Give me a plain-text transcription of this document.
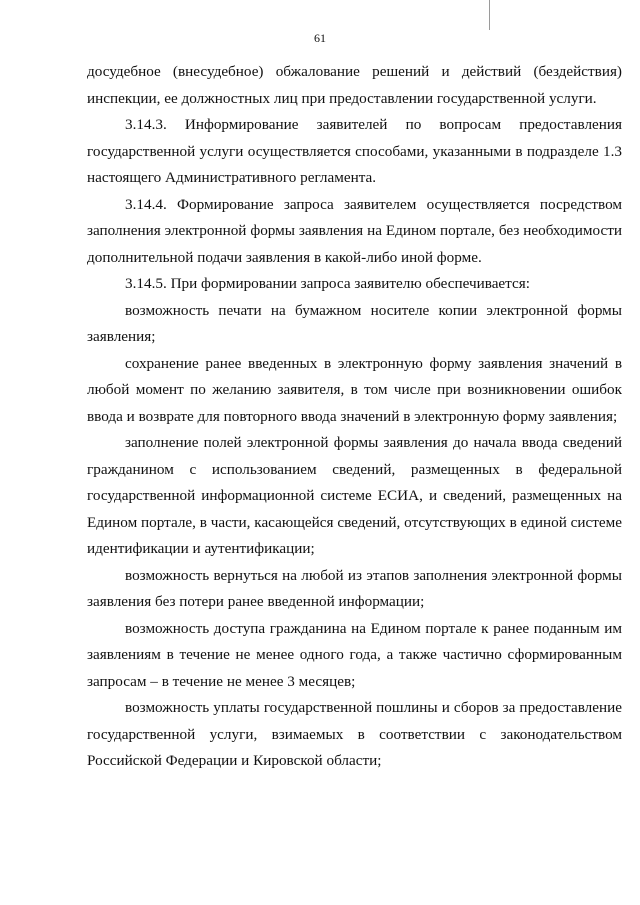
61

досудебное (внесудебное) обжалование решений и действий (бездействия) инспекции, ее должностных лиц при предоставлении государственной услуги.

3.14.3. Информирование заявителей по вопросам предоставления государственной услуги осуществляется способами, указанными в подразделе 1.3 настоящего Административного регламента.

3.14.4. Формирование запроса заявителем осуществляется посредством заполнения электронной формы заявления на Едином портале, без необходимости дополнительной подачи заявления в какой-либо иной форме.

3.14.5. При формировании запроса заявителю обеспечивается:

возможность печати на бумажном носителе копии электронной формы заявления;

сохранение ранее введенных в электронную форму заявления значений в любой момент по желанию заявителя, в том числе при возникновении ошибок ввода и возврате для повторного ввода значений в электронную форму заявления;

заполнение полей электронной формы заявления до начала ввода сведений гражданином с использованием сведений, размещенных в федеральной государственной информационной системе ЕСИА, и сведений, размещенных на Едином портале, в части, касающейся сведений, отсутствующих в единой системе идентификации и аутентификации;

возможность вернуться на любой из этапов заполнения электронной формы заявления без потери ранее введенной информации;

возможность доступа гражданина на Едином портале к ранее поданным им заявлениям в течение не менее одного года, а также частично сформированным запросам – в течение не менее 3 месяцев;

возможность уплаты государственной пошлины и сборов за предоставление государственной услуги, взимаемых в соответствии с законодательством Российской Федерации и Кировской области;
